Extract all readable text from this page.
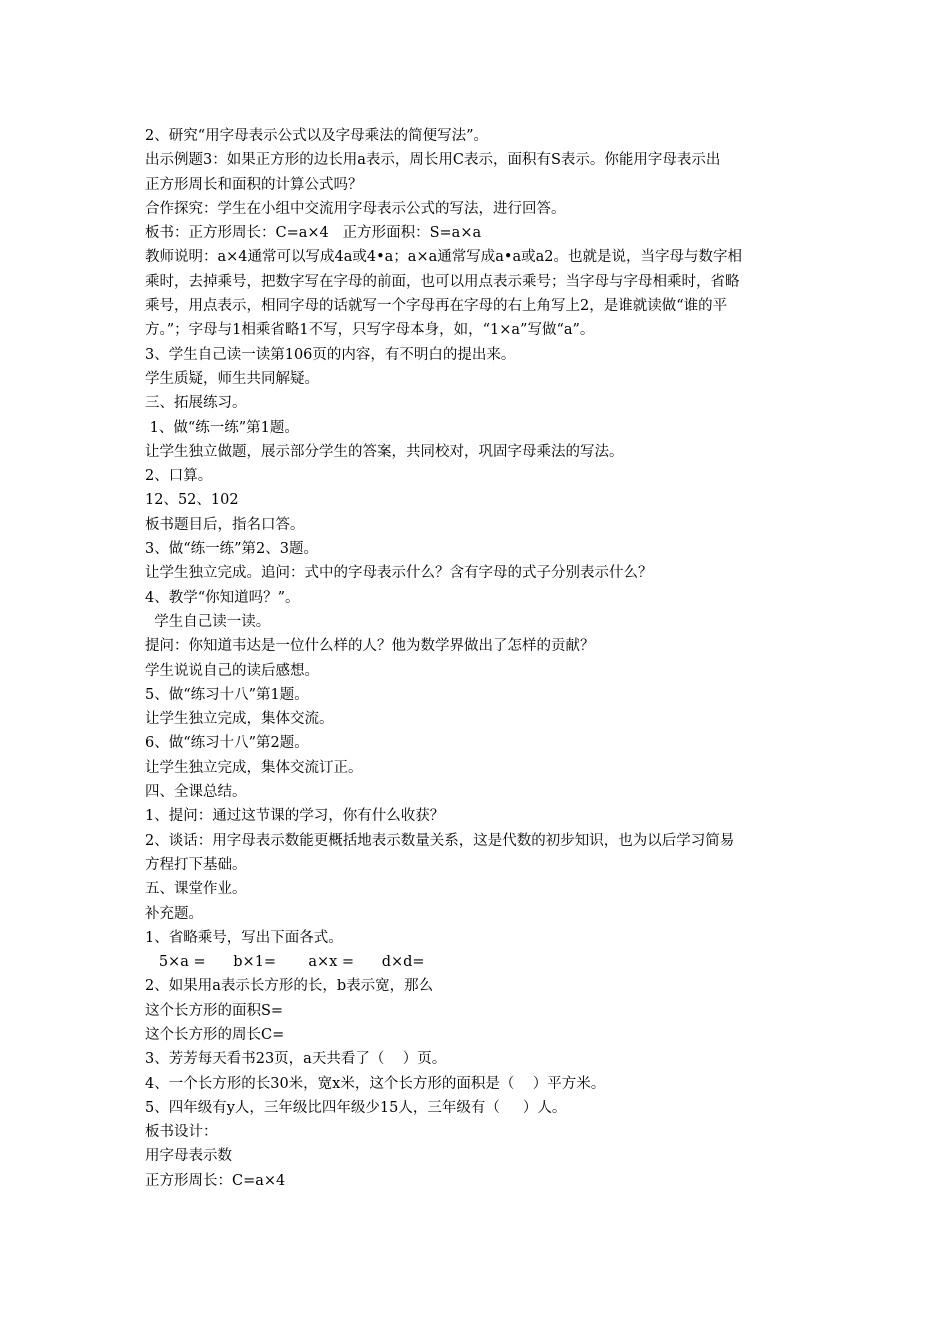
2、研究“用字母表示公式以及字母乘法的简便写法”。

出示例题3：如果正方形的边长用a表示，周长用C表示，面积有S表示。你能用字母表示出

正方形周长和面积的计算公式吗？

合作探究：学生在小组中交流用字母表示公式的写法，进行回答。

板书：正方形周长：C=a×4   正方形面积：S=a×a

教师说明：a×4通常可以写成4a或4•a；a×a通常写成a•a或a2。也就是说，当字母与数字相

乘时，去掉乘号，把数字写在字母的前面，也可以用点表示乘号；当字母与字母相乘时，省略

乘号，用点表示，相同字母的话就写一个字母再在字母的右上角写上2，是谁就读做“谁的平

方。”；字母与1相乘省略1不写，只写字母本身，如，“1×a”写做“a”。

3、学生自己读一读第106页的内容，有不明白的提出来。

学生质疑，师生共同解疑。

三、拓展练习。

1、做“练一练”第1题。

让学生独立做题，展示部分学生的答案，共同校对，巩固字母乘法的写法。

2、口算。

12、52、102

板书题目后，指名口答。

3、做“练一练”第2、3题。

让学生独立完成。追问：式中的字母表示什么？含有字母的式子分别表示什么？

4、教学“你知道吗？”。

学生自己读一读。

提问：你知道韦达是一位什么样的人？他为数学界做出了怎样的贡献？

学生说说自己的读后感想。

5、做“练习十八”第1题。

让学生独立完成，集体交流。

6、做“练习十八”第2题。

让学生独立完成，集体交流订正。

四、全课总结。

1、提问：通过这节课的学习，你有什么收获？

2、谈话：用字母表示数能更概括地表示数量关系，这是代数的初步知识，也为以后学习简易

方程打下基础。

五、课堂作业。

补充题。

1、省略乘号，写出下面各式。

5×a =      b×1=       a×x =      d×d=

2、如果用a表示长方形的长，b表示宽，那么

这个长方形的面积S=

这个长方形的周长C=

3、芳芳每天看书23页，a天共看了（    ）页。

4、一个长方形的长30米，宽x米，这个长方形的面积是（    ）平方米。

5、四年级有y人，三年级比四年级少15人，三年级有（     ）人。

板书设计：

用字母表示数

正方形周长：C=a×4
